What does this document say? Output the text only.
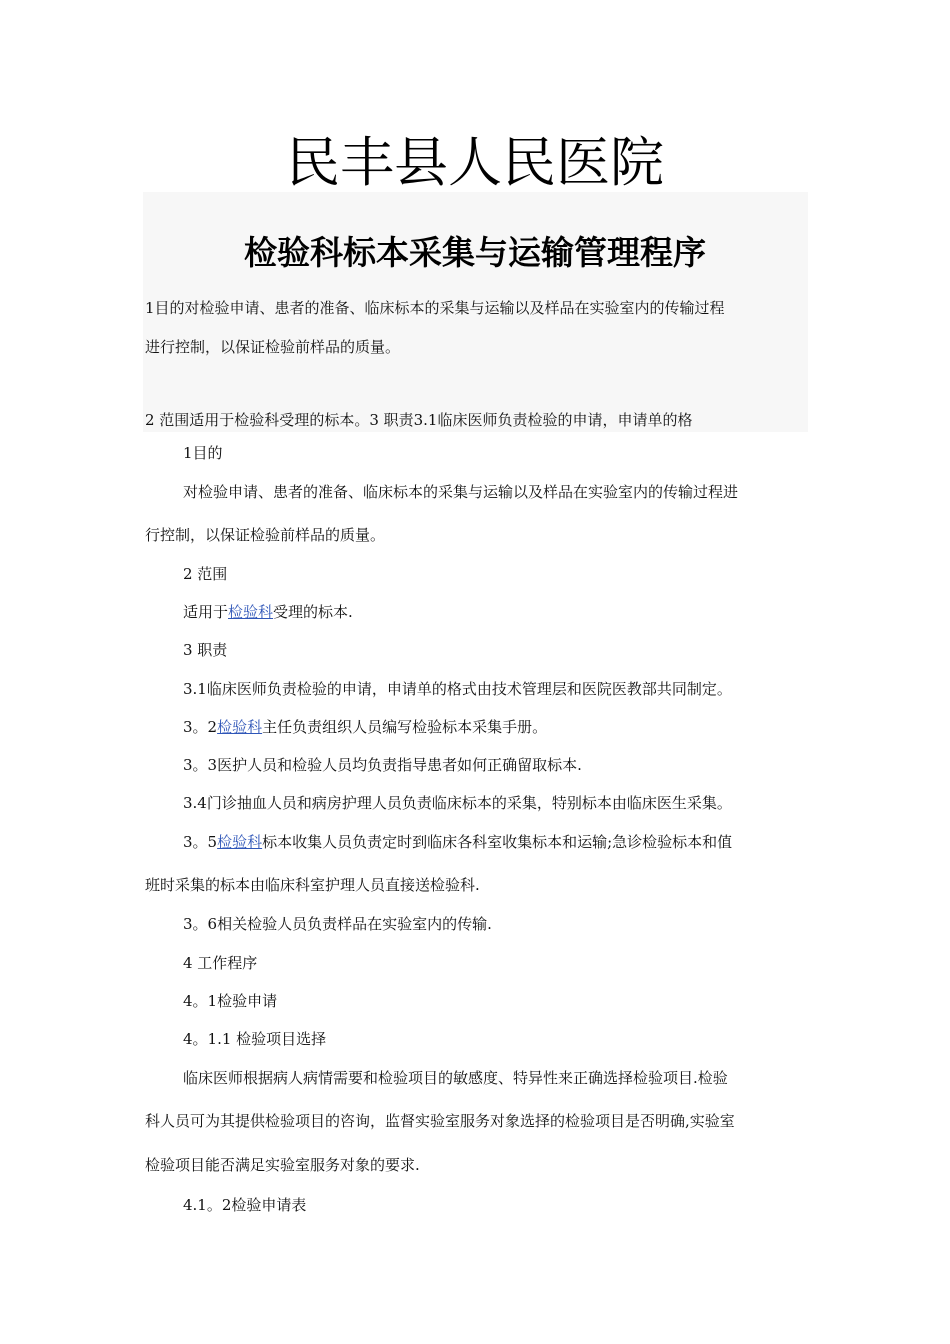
民丰县人民医院
检验科标本采集与运输管理程序
1目的对检验申请、患者的准备、临床标本的采集与运输以及样品在实验室内的传输过程
进行控制，以保证检验前样品的质量。
2 范围适用于检验科受理的标本。3 职责3.1临床医师负责检验的申请，申请单的格
1目的
对检验申请、患者的准备、临床标本的采集与运输以及样品在实验室内的传输过程进
行控制，以保证检验前样品的质量。
2 范围
适用于检验科受理的标本.
3 职责
3.1临床医师负责检验的申请，申请单的格式由技术管理层和医院医教部共同制定。
3。2检验科主任负责组织人员编写检验标本采集手册。
3。3医护人员和检验人员均负责指导患者如何正确留取标本.
3.4门诊抽血人员和病房护理人员负责临床标本的采集，特别标本由临床医生采集。
3。5检验科标本收集人员负责定时到临床各科室收集标本和运输;急诊检验标本和值
班时采集的标本由临床科室护理人员直接送检验科.
3。6相关检验人员负责样品在实验室内的传输.
4 工作程序
4。1检验申请
4。1.1 检验项目选择
临床医师根据病人病情需要和检验项目的敏感度、特异性来正确选择检验项目.检验
科人员可为其提供检验项目的咨询，监督实验室服务对象选择的检验项目是否明确,实验室
检验项目能否满足实验室服务对象的要求.
4.1。2检验申请表
